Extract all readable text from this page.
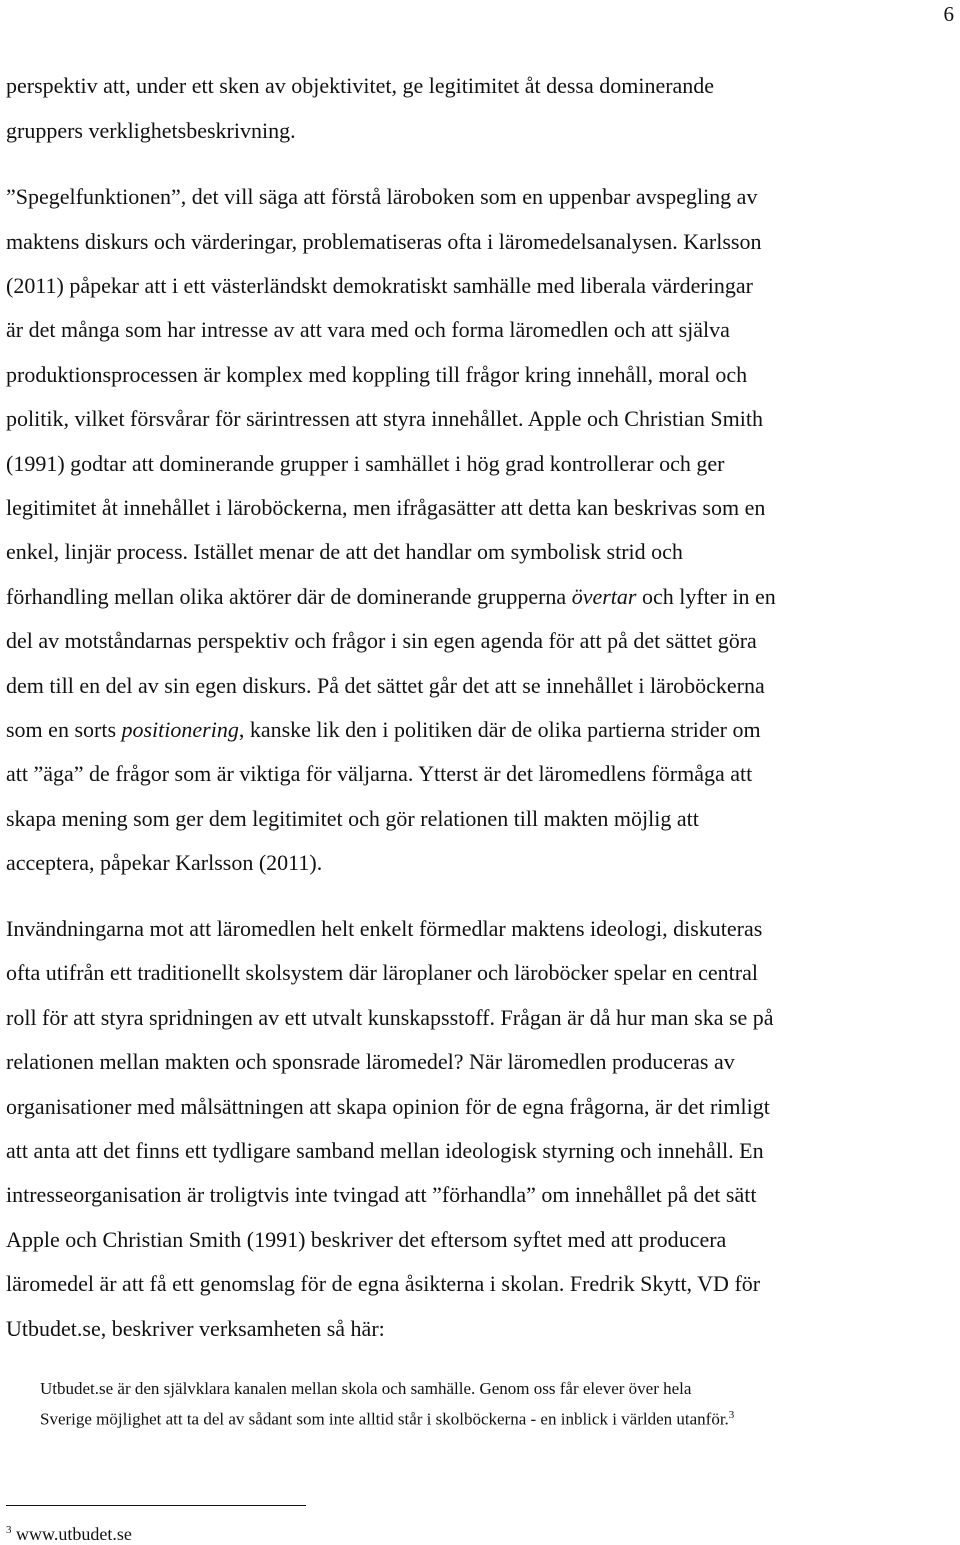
6
perspektiv att, under ett sken av objektivitet, ge legitimitet åt dessa dominerande
gruppers verklighetsbeskrivning.
”Spegelfunktionen”, det vill säga att förstå läroboken som en uppenbar avspegling av
maktens diskurs och värderingar, problematiseras ofta i läromedelsanalysen. Karlsson
(2011) påpekar att i ett västerländskt demokratiskt samhälle med liberala värderingar
är det många som har intresse av att vara med och forma läromedlen och att själva
produktionsprocessen är komplex med koppling till frågor kring innehåll, moral och
politik, vilket försvårar för särintressen att styra innehållet. Apple och Christian Smith
(1991) godtar att dominerande grupper i samhället i hög grad kontrollerar och ger
legitimitet åt innehållet i läroböckerna, men ifrågasätter att detta kan beskrivas som en
enkel, linjär process. Istället menar de att det handlar om symbolisk strid och
förhandling mellan olika aktörer där de dominerande grupperna övertar och lyfter in en
del av motståndarnas perspektiv och frågor i sin egen agenda för att på det sättet göra
dem till en del av sin egen diskurs. På det sättet går det att se innehållet i läroböckerna
som en sorts positionering, kanske lik den i politiken där de olika partierna strider om
att ”äga” de frågor som är viktiga för väljarna. Ytterst är det läromedlens förmåga att
skapa mening som ger dem legitimitet och gör relationen till makten möjlig att
acceptera, påpekar Karlsson (2011).
Invändningarna mot att läromedlen helt enkelt förmedlar maktens ideologi, diskuteras
ofta utifrån ett traditionellt skolsystem där läroplaner och läroböcker spelar en central
roll för att styra spridningen av ett utvalt kunskapsstoff. Frågan är då hur man ska se på
relationen mellan makten och sponsrade läromedel? När läromedlen produceras av
organisationer med målsättningen att skapa opinion för de egna frågorna, är det rimligt
att anta att det finns ett tydligare samband mellan ideologisk styrning och innehåll. En
intresseorganisation är troligtvis inte tvingad att ”förhandla” om innehållet på det sätt
Apple och Christian Smith (1991) beskriver det eftersom syftet med att producera
läromedel är att få ett genomslag för de egna åsikterna i skolan. Fredrik Skytt, VD för
Utbudet.se, beskriver verksamheten så här:
Utbudet.se är den självklara kanalen mellan skola och samhälle. Genom oss får elever över hela
Sverige möjlighet att ta del av sådant som inte alltid står i skolböckerna - en inblick i världen utanför.$^3$
$^3$ www.utbudet.se
